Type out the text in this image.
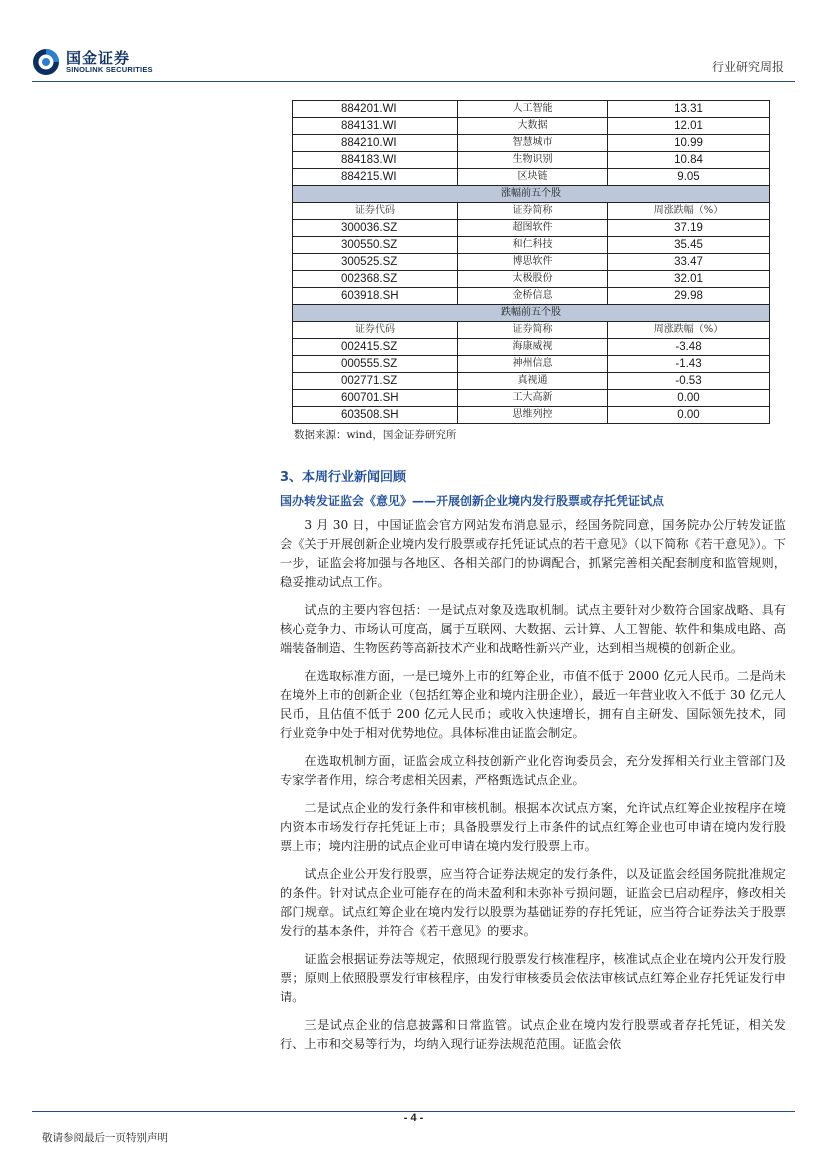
国金证券
SINOLINK SECURITIES	行业研究周报
884201.WI	人工智能	13.31
884131.WI	大数据	12.01
884210.WI	智慧城市	10.99
884183.WI	生物识别	10.84
884215.WI	区块链	9.05
涨幅前五个股		
证券代码	证券简称	周涨跌幅（%）
300036.SZ	超图软件	37.19
300550.SZ	和仁科技	35.45
300525.SZ	博思软件	33.47
002368.SZ	太极股份	32.01
603918.SH	金桥信息	29.98
跌幅前五个股		
证券代码	证券简称	周涨跌幅（%）
002415.SZ	海康威视	-3.48
000555.SZ	神州信息	-1.43
002771.SZ	真视通	-0.53
600701.SH	工大高新	0.00
603508.SH	思维列控	0.00
数据来源：wind，国金证券研究所
3、本周行业新闻回顾
国办转发证监会《意见》——开展创新企业境内发行股票或存托凭证试点

3 月 30 日，中国证监会官方网站发布消息显示，经国务院同意，国务院办公厅转发证监会《关于开展创新企业境内发行股票或存托凭证试点的若干意见》（以下简称《若干意见》）。下一步，证监会将加强与各地区、各相关部门的协调配合，抓紧完善相关配套制度和监管规则，稳妥推动试点工作。

试点的主要内容包括：一是试点对象及选取机制。试点主要针对少数符合国家战略、具有核心竞争力、市场认可度高，属于互联网、大数据、云计算、人工智能、软件和集成电路、高端装备制造、生物医药等高新技术产业和战略性新兴产业，达到相当规模的创新企业。

在选取标准方面，一是已境外上市的红筹企业，市值不低于 2000 亿元人民币。二是尚未在境外上市的创新企业（包括红筹企业和境内注册企业），最近一年营业收入不低于 30 亿元人民币，且估值不低于 200 亿元人民币；或收入快速增长，拥有自主研发、国际领先技术，同行业竞争中处于相对优势地位。具体标准由证监会制定。

在选取机制方面，证监会成立科技创新产业化咨询委员会，充分发挥相关行业主管部门及专家学者作用，综合考虑相关因素，严格甄选试点企业。

二是试点企业的发行条件和审核机制。根据本次试点方案，允许试点红筹企业按程序在境内资本市场发行存托凭证上市；具备股票发行上市条件的试点红筹企业也可申请在境内发行股票上市；境内注册的试点企业可申请在境内发行股票上市。

试点企业公开发行股票，应当符合证券法规定的发行条件，以及证监会经国务院批准规定的条件。针对试点企业可能存在的尚未盈利和未弥补亏损问题，证监会已启动程序，修改相关部门规章。试点红筹企业在境内发行以股票为基础证券的存托凭证，应当符合证券法关于股票发行的基本条件，并符合《若干意见》的要求。

证监会根据证券法等规定，依照现行股票发行核准程序，核准试点企业在境内公开发行股票；原则上依照股票发行审核程序，由发行审核委员会依法审核试点红筹企业存托凭证发行申请。

三是试点企业的信息披露和日常监管。试点企业在境内发行股票或者存托凭证，相关发行、上市和交易等行为，均纳入现行证券法规范范围。证监会依

- 4 -
敬请参阅最后一页特别声明
